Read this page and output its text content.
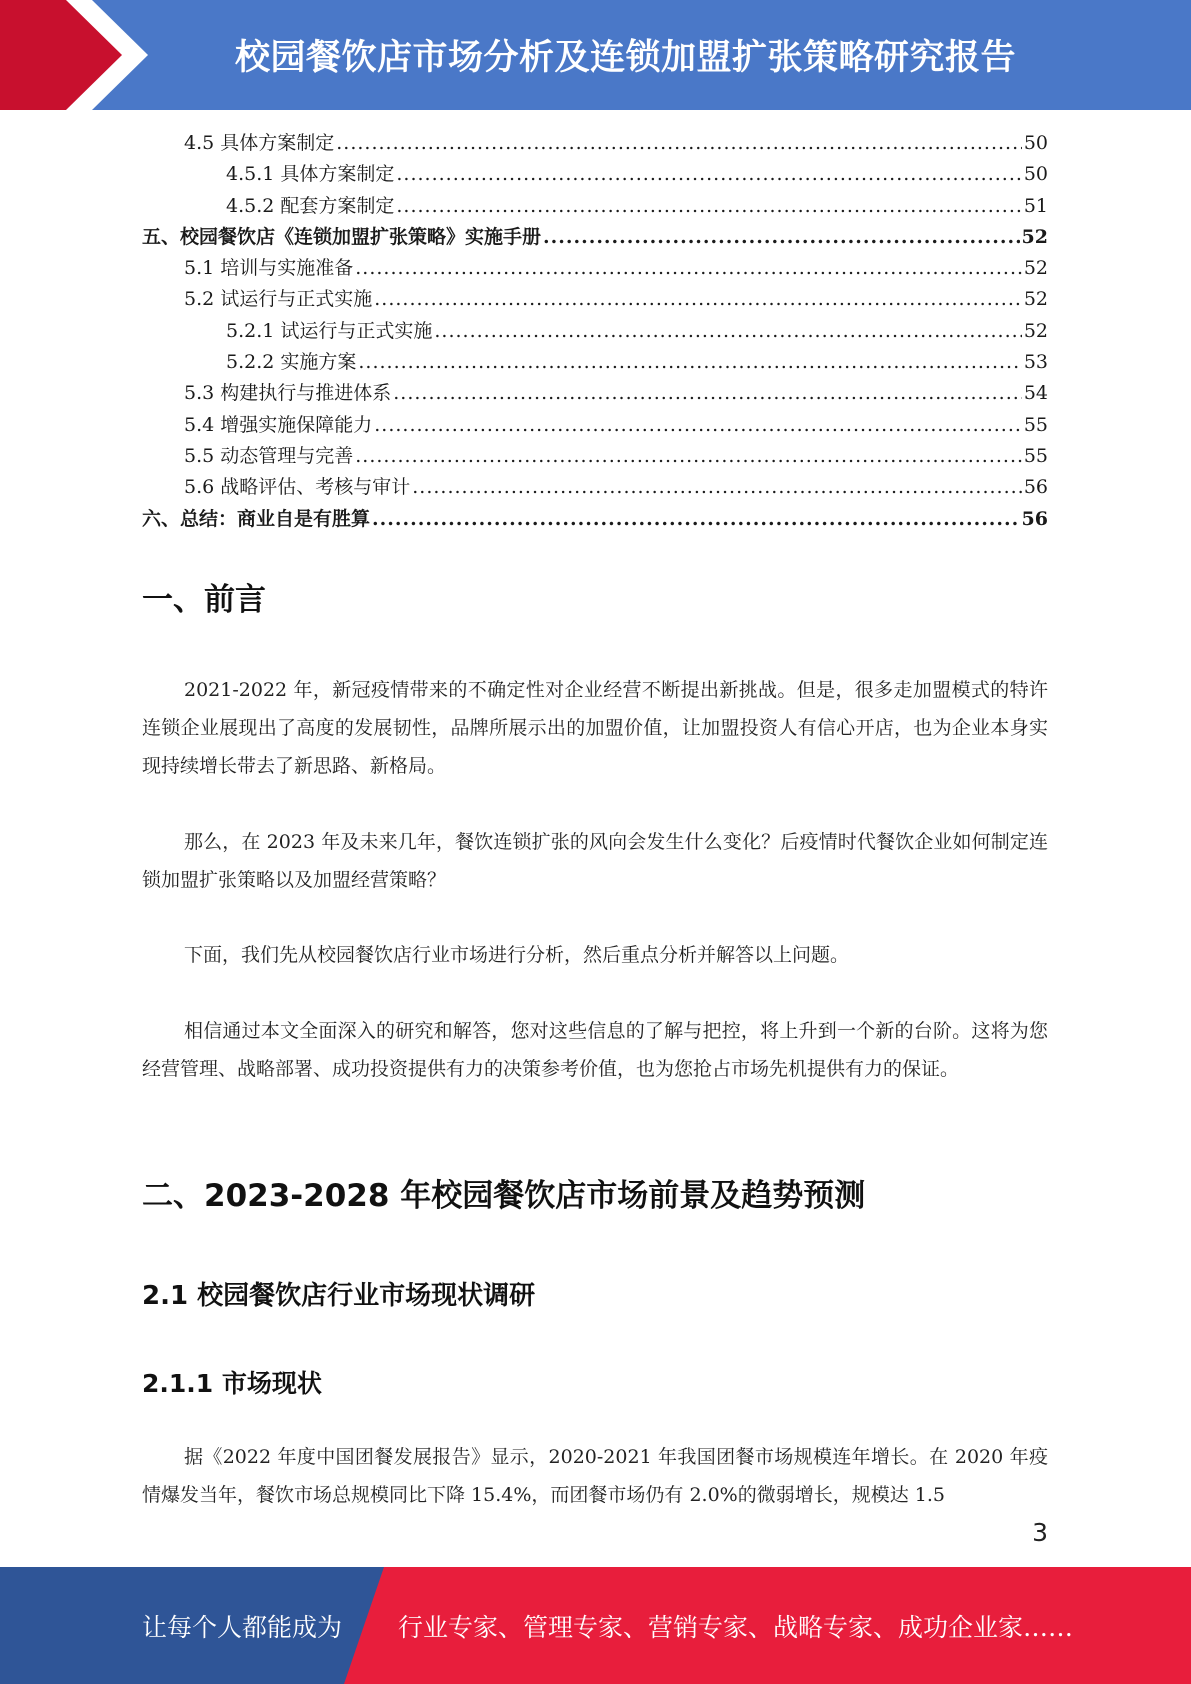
校园餐饮店市场分析及连锁加盟扩张策略研究报告
4.5 具体方案制定 .....	50
4.5.1 具体方案制定 .....	50
4.5.2 配套方案制定 .....	51
五、校园餐饮店《连锁加盟扩张策略》实施手册 .....	52
5.1 培训与实施准备 .....	52
5.2 试运行与正式实施 .....	52
5.2.1 试运行与正式实施 .....	52
5.2.2 实施方案 .....	53
5.3 构建执行与推进体系 .....	54
5.4 增强实施保障能力 .....	55
5.5 动态管理与完善 .....	55
5.6 战略评估、考核与审计 .....	56
六、总结：商业自是有胜算 .....	56
一、前言

2021-2022 年，新冠疫情带来的不确定性对企业经营不断提出新挑战。但是，很多走加盟模式的特许连锁企业展现出了高度的发展韧性，品牌所展示出的加盟价值，让加盟投资人有信心开店，也为企业本身实现持续增长带去了新思路、新格局。

那么，在 2023 年及未来几年，餐饮连锁扩张的风向会发生什么变化？后疫情时代餐饮企业如何制定连锁加盟扩张策略以及加盟经营策略？

下面，我们先从校园餐饮店行业市场进行分析，然后重点分析并解答以上问题。

相信通过本文全面深入的研究和解答，您对这些信息的了解与把控，将上升到一个新的台阶。这将为您经营管理、战略部署、成功投资提供有力的决策参考价值，也为您抢占市场先机提供有力的保证。

二、2023-2028 年校园餐饮店市场前景及趋势预测
2.1 校园餐饮店行业市场现状调研
2.1.1 市场现状

据《2022 年度中国团餐发展报告》显示，2020-2021 年我国团餐市场规模连年增长。在 2020 年疫情爆发当年，餐饮市场总规模同比下降 15.4%，而团餐市场仍有 2.0%的微弱增长，规模达 1.5

3
让每个人都能成为 行业专家、管理专家、营销专家、战略专家、成功企业家……
